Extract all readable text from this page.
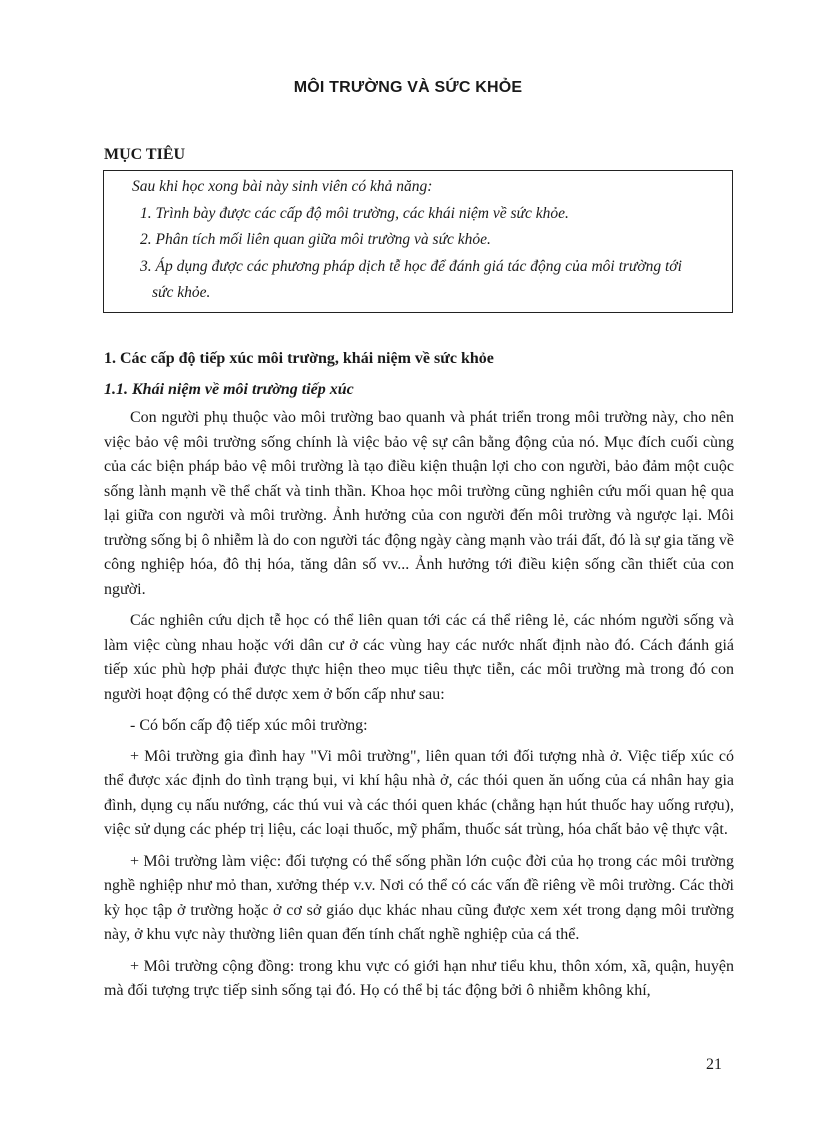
MÔI TRƯỜNG VÀ SỨC KHỎE
MỤC TIÊU
Sau khi học xong bài này sinh viên có khả năng:
1. Trình bày được các cấp độ môi trường, các khái niệm về sức khỏe.
2. Phân tích mối liên quan giữa môi trường và sức khỏe.
3. Áp dụng được các phương pháp dịch tễ học để đánh giá tác động của môi trường tới
sức khỏe.
1. Các cấp độ tiếp xúc môi trường, khái niệm về sức khỏe
1.1. Khái niệm về môi trường tiếp xúc

Con người phụ thuộc vào môi trường bao quanh và phát triển trong môi trường này, cho nên việc bảo vệ môi trường sống chính là việc bảo vệ sự cân bằng động của nó. Mục đích cuối cùng của các biện pháp bảo vệ môi trường là tạo điều kiện thuận lợi cho con người, bảo đảm một cuộc sống lành mạnh về thể chất và tinh thần. Khoa học môi trường cũng nghiên cứu mối quan hệ qua lại giữa con người và môi trường. Ảnh hưởng của con người đến môi trường và ngược lại. Môi trường sống bị ô nhiễm là do con người tác động ngày càng mạnh vào trái đất, đó là sự gia tăng về công nghiệp hóa, đô thị hóa, tăng dân số vv... Ảnh hưởng tới điều kiện sống cần thiết của con người.

Các nghiên cứu dịch tễ học có thể liên quan tới các cá thể riêng lẻ, các nhóm người sống và làm việc cùng nhau hoặc với dân cư ở các vùng hay các nước nhất định nào đó. Cách đánh giá tiếp xúc phù hợp phải được thực hiện theo mục tiêu thực tiễn, các môi trường mà trong đó con người hoạt động có thể dược xem ở bốn cấp như sau:

- Có bốn cấp độ tiếp xúc môi trường:

+ Môi trường gia đình hay "Vi môi trường", liên quan tới đối tượng nhà ở. Việc tiếp xúc có thể được xác định do tình trạng bụi, vi khí hậu nhà ở, các thói quen ăn uống của cá nhân hay gia đình, dụng cụ nấu nướng, các thú vui và các thói quen khác (chẳng hạn hút thuốc hay uống rượu), việc sử dụng các phép trị liệu, các loại thuốc, mỹ phẩm, thuốc sát trùng, hóa chất bảo vệ thực vật.

+ Môi trường làm việc: đối tượng có thể sống phần lớn cuộc đời của họ trong các môi trường nghề nghiệp như mỏ than, xưởng thép v.v. Nơi có thể có các vấn đề riêng về môi trường. Các thời kỳ học tập ở trường hoặc ở cơ sở giáo dục khác nhau cũng được xem xét trong dạng môi trường này, ở khu vực này thường liên quan đến tính chất nghề nghiệp của cá thể.

+ Môi trường cộng đồng: trong khu vực có giới hạn như tiểu khu, thôn xóm, xã, quận, huyện mà đối tượng trực tiếp sinh sống tại đó. Họ có thể bị tác động bởi ô nhiễm không khí,

21
